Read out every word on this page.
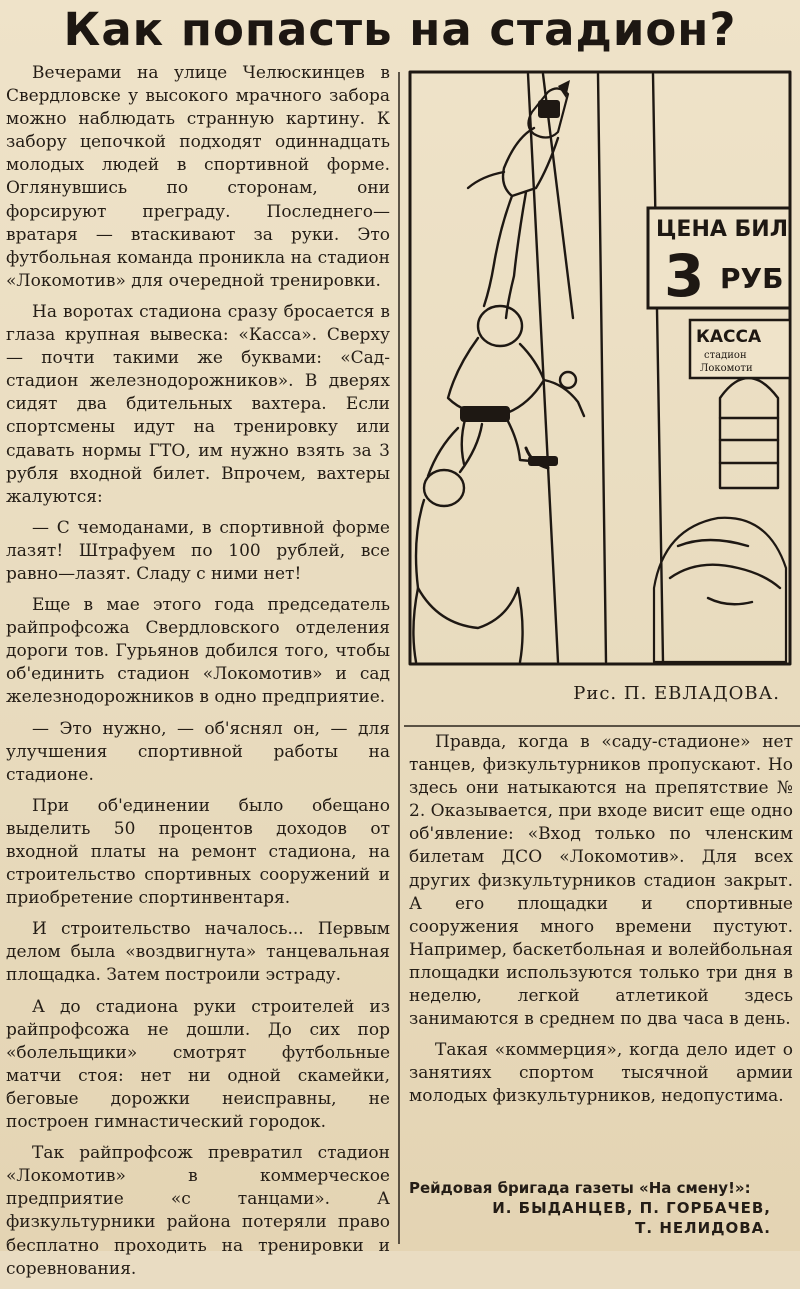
Как попасть на стадион?

Вечерами на улице Челюскинцев в Свердловске у высокого мрачного забора можно наблюдать странную картину. К забору цепочкой подходят одиннадцать молодых людей в спортивной форме. Оглянувшись по сторонам, они форсируют преграду. Последнего—вратаря — втаскивают за руки. Это футбольная команда проникла на стадион «Локомотив» для очередной тренировки.

На воротах стадиона сразу бросается в глаза крупная вывеска: «Касса». Сверху — почти такими же буквами: «Сад-стадион железнодорожников». В дверях сидят два бдительных вахтера. Если спортсмены идут на тренировку или сдавать нормы ГТО, им нужно взять за 3 рубля входной билет. Впрочем, вахтеры жалуются:

— С чемоданами, в спортивной форме лазят! Штрафуем по 100 рублей, все равно—лазят. Сладу с ними нет!

Еще в мае этого года председатель райпрофсожа Свердловского отделения дороги тов. Гурьянов добился того, чтобы об'единить стадион «Локомотив» и сад железнодорожников в одно предприятие.

— Это нужно, — об'яснял он, — для улучшения спортивной работы на стадионе.

При об'единении было обещано выделить 50 процентов доходов от входной платы на ремонт стадиона, на строительство спортивных сооружений и приобретение спортинвентаря.

И строительство началось... Первым делом была «воздвигнута» танцевальная площадка. Затем построили эстраду.

А до стадиона руки строителей из райпрофсожа не дошли. До сих пор «болельщики» смотрят футбольные матчи стоя: нет ни одной скамейки, беговые дорожки неисправны, не построен гимнастический городок.

Так райпрофсож превратил стадион «Локомотив» в коммерческое предприятие «с танцами». А физкультурники района потеряли право бесплатно проходить на тренировки и соревнования.

ЦЕНА БИЛ
3 РУБ
КАССА
стадион
Локомоти
Рис. П. ЕВЛАДОВА.

Правда, когда в «саду-стадионе» нет танцев, физкультурников пропускают. Но здесь они натыкаются на препятствие № 2. Оказывается, при входе висит еще одно об'явление: «Вход только по членским билетам ДСО «Локомотив». Для всех других физкультурников стадион закрыт. А его площадки и спортивные сооружения много времени пустуют. Например, баскетбольная и волейбольная площадки используются только три дня в неделю, легкой атлетикой здесь занимаются в среднем по два часа в день.

Такая «коммерция», когда дело идет о занятиях спортом тысячной армии молодых физкультурников, недопустима.

Рейдовая бригада газеты «На смену!»:
И. БЫДАНЦЕВ, П. ГОРБАЧЕВ,
Т. НЕЛИДОВА.
